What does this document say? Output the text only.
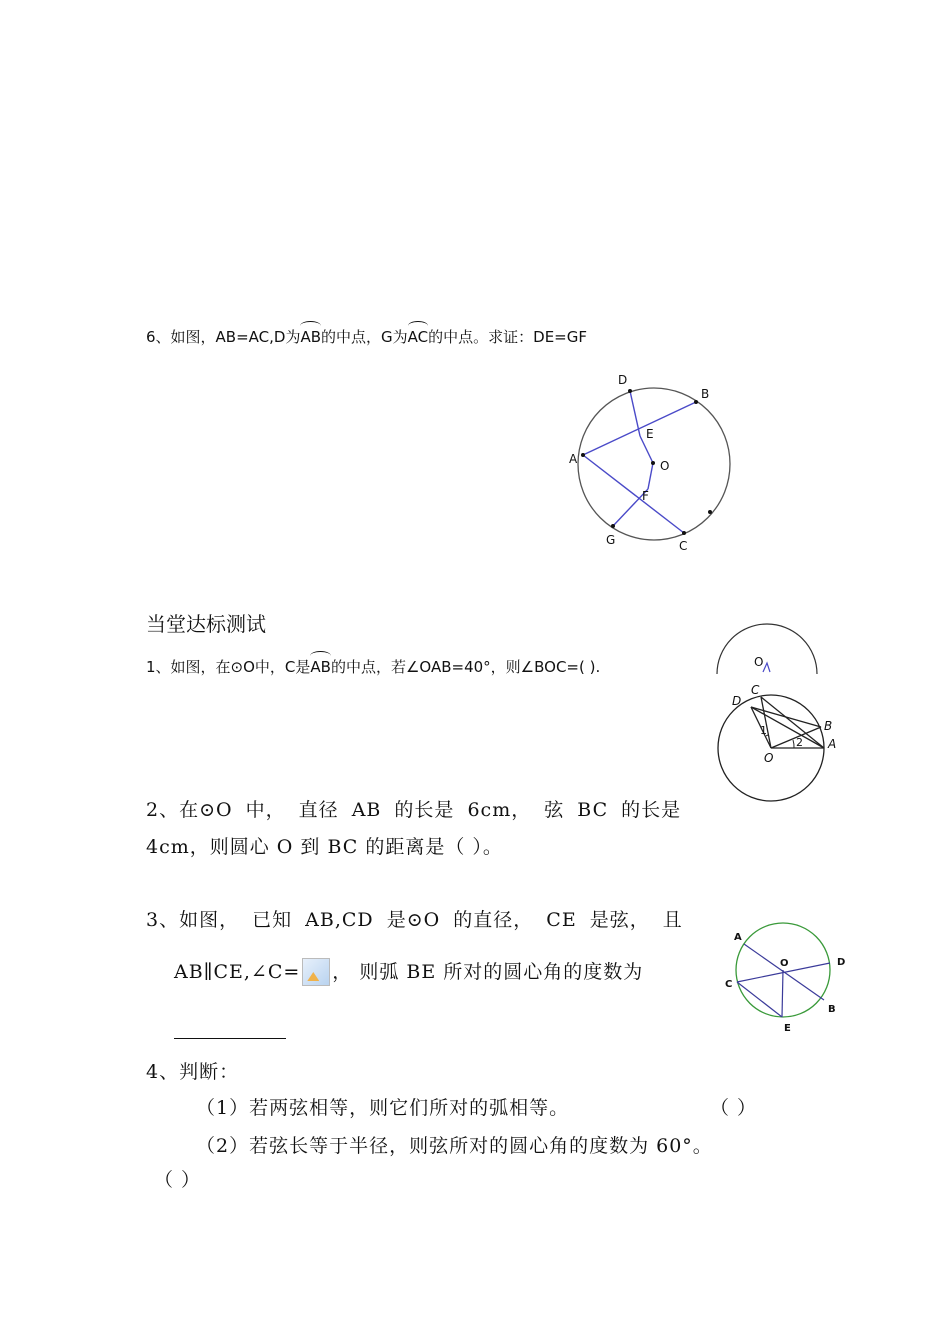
6、如图，AB=AC,D为AB的中点，G为AC的中点。求证：DE=GF
D
B
E
A	O
F
G	C
当堂达标测试
1、如图，在⊙O中，C是AB的中点，若∠OAB=40°，则∠BOC=( ).	O
D
C
B
A
O
1
2
2、在⊙O 中， 直径 AB 的长是 6cm， 弦 BC 的长是
4cm，则圆心 O 到 BC 的距离是（ ）。
3、如图， 已知 AB,CD 是⊙O 的直径， CE 是弦， 且
AB∥CE,∠C= ， 则弧 BE 所对的圆心角的度数为
A
O	D
C
B
E
4、判断：
（1）若两弦相等，则它们所对的弧相等。	（ ）
（2）若弦长等于半径，则弦所对的圆心角的度数为 60°。
（ ）
